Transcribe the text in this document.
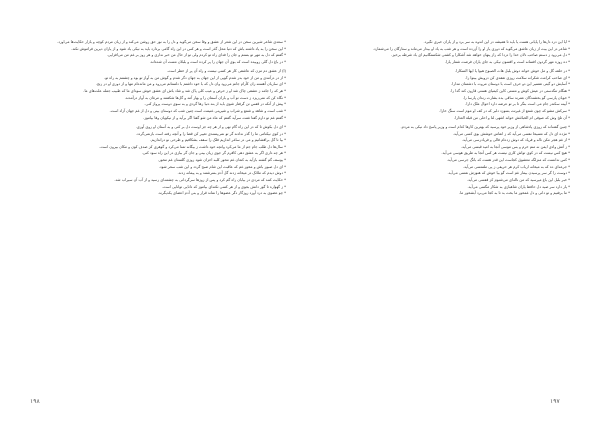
* سعدی شاعر شیرین سخن در این شعر از عشق و وفا سخن می‌گوید و دل را به نور حق روشن می‌کند و از زبان مردم کوچه و بازار حکایت‌ها می‌آورد.

* این سخن را به یاد داشته باش که دنیا محل گذر است و هر کس در این راه گامی بردارد باید به نیکی یاد شود و از یاران دیرین فراموش نکند.

* گفتم که دل به مهر تو بستم و جان را فدای راه تو کردم ولی تو از حال من خبر نداری و هر روز بر غم من می‌افزایی.

* در باغ دل گلی روییده است که بوی آن جهان را پر کرده است و بلبلان مست آن شده‌اند.

(ا) از عشق دم مزن که عاشقی کار هر کسی نیست و راه آن پر از خطر است.

* از در درآمدی و من از خود بدر شدم گویی از این جهان به جهان دگر شدم و گوش من به آواز تو بود و چشمم به راه تو.

* ای ساربان آهسته ران کآرام جانم می‌رود وان دل که با خود داشتم با دلستانم می‌رود و من مانده‌ام تنها و از دوری او در رنج.

* هر که را جامه ز عشقی چاک شد او ز حرص و عیب کلی پاک شد و شاد باش ای عشق خوش سودای ما که طبیب جمله علت‌های ما.

* نگاه کن که نمی‌ریزد ز دست تو آب و باران آسمان را و بهار آمد و گل‌ها شکفتند و مرغان به آواز درآمدند.

* پیش از آنکه در قفس تن گرفتار شوی باید از بند دنیا رها گردی و به سوی دوست پرواز کنی.

* شب است و شاهد و شمع و شراب و شیرینی غنیمت است چنین شب که دوستان بینی و دل از غم جهان آزاد است.

* گفتم غم تو دارم گفتا غمت سرآید گفتم که ماه من شو گفتا اگر برآید و از نیکویان وفا بیاموز.

* ای دل بکوش تا که در این راه گام نهی و از هر چه جز اوست دل بر کنی و به آستان او روی آوری.

* در کوی نیکنامی ما را گذر ندادند گر تو نمی‌پسندی تغییر کن قضا را و آنچه رفته است بازنمی‌گردد.

* بیا تا گل برافشانیم و می در ساغر اندازیم فلک را سقف بشکافیم و طرحی نو دراندازیم.

* سال‌ها دل طلب جام جم از ما می‌کرد وانچه خود داشت ز بیگانه تمنا می‌کرد و گوهری کز صدف کون و مکان بیرون است.

* هر چه داری اگر به عشق دهی کافرم گر جوی زیان بینی و جان گر ببازی در این راه سود کنی.

* یوسف گم گشته بازآید به کنعان غم مخور کلبه احزان شود روزی گلستان غم مخور.

* ای دل صبور باش و مخور غم که عاقبت این شام صبح گردد و این شب سحر شود.

* دوش دیدم که ملائک در میخانه زدند گل آدم بسرشتند و به پیمانه زدند.

* حکایت کنند که مردی در بیابان راه گم کرد و پس از روزها سرگردانی به چشمه‌ای رسید و از آب آن سیراب شد.

* ز گهواره تا گور دانش بجوی و از هر کسی نکته‌ای بیاموز که دانایی توانایی است.

* چو عضوی به درد آورد روزگار دگر عضوها را نماند قرار و بنی آدم اعضای یکدیگرند.

* آیا این درد دل‌ها را پایانی هست یا باید تا همیشه در این اندوه به سر برد و از یاران خبری نگیرد.

* شاعر در این بیت از زبان عاشق می‌گوید که دوری یار او را آزرده است و هر شب به یاد او بیدار می‌ماند و ستارگان را می‌شمارد.

* دل می‌رود ز دستم صاحب دلان خدا را دردا که راز پنهان خواهد شد آشکارا و کشتی شکستگانیم ای باد شرطه برخیز.

* ده روزه مهر گردون افسانه است و افسون نیکی به جای یاران فرصت شمار یارا.

* در حلقه گل و مل خوش خواند دوش بلبل هات الصبوح هبوا یا ایها السکارا.

* ای صاحب کرامت شکرانه سلامت روزی تفقدی کن درویش بینوا را.

* آسایش دو گیتی تفسیر این دو حرف است با دوستان مروت با دشمنان مدارا.

* هنگام تنگدستی در عیش کوش و مستی کاین کیمیای هستی قارون کند گدا را.

* خوبان پارسی گو بخشندگان عمرند ساقی بده بشارت رندان پارسا را.

* آیینه سکندر جام می است بنگر تا بر تو عرضه دارد احوال ملک دارا.

* سرکش مشو که چون شمع از غیرتت بسوزد دلبر که در کف او موم است سنگ خارا.

* آن تلخ وش که صوفی ام الخبائثش خواند اشهی لنا و احلی من قبلة العذارا.

* چنین گفته‌اند که روزی پادشاهی از وزیر خود پرسید که بهترین کارها کدام است و وزیر پاسخ داد نیکی به مردم.

* مژده ای دل که مسیحا نفسی می‌آید که ز انفاس خوشش بوی کسی می‌آید.

* از غم هجر مکن ناله و فریاد که دوش زده‌ام فالی و فریادرسی می‌آید.

* ز آتش وادی ایمن نه منم خرم و بس موسی آنجا به امید قبسی می‌آید.

* هیچ کس نیست که در کوی تواش کاری نیست هر کس آنجا به طریق هوسی می‌آید.

* کس ندانست که منزلگه معشوق کجاست این قدر هست که بانگ جرسی می‌آید.

* جرعه‌ای ده که به میخانه ارباب کرم هر حریفی ز پی ملتمسی می‌آید.

* دوست را گر سر پرسیدن بیمار غم است گو بیا خوش که هنوزش نفسی می‌آید.

* خبر بلبل این باغ مپرسید که من ناله‌ای می‌شنوم کز قفسی می‌آید.

* یار دارد سر صید دل حافظ یاران شاهبازی به شکار مگسی می‌آید.

* ما برفتیم و تو دانی و دل غمخور ما بخت بد تا به کجا می‌برد آبشخور ما.

١٩٨	١٩٧
